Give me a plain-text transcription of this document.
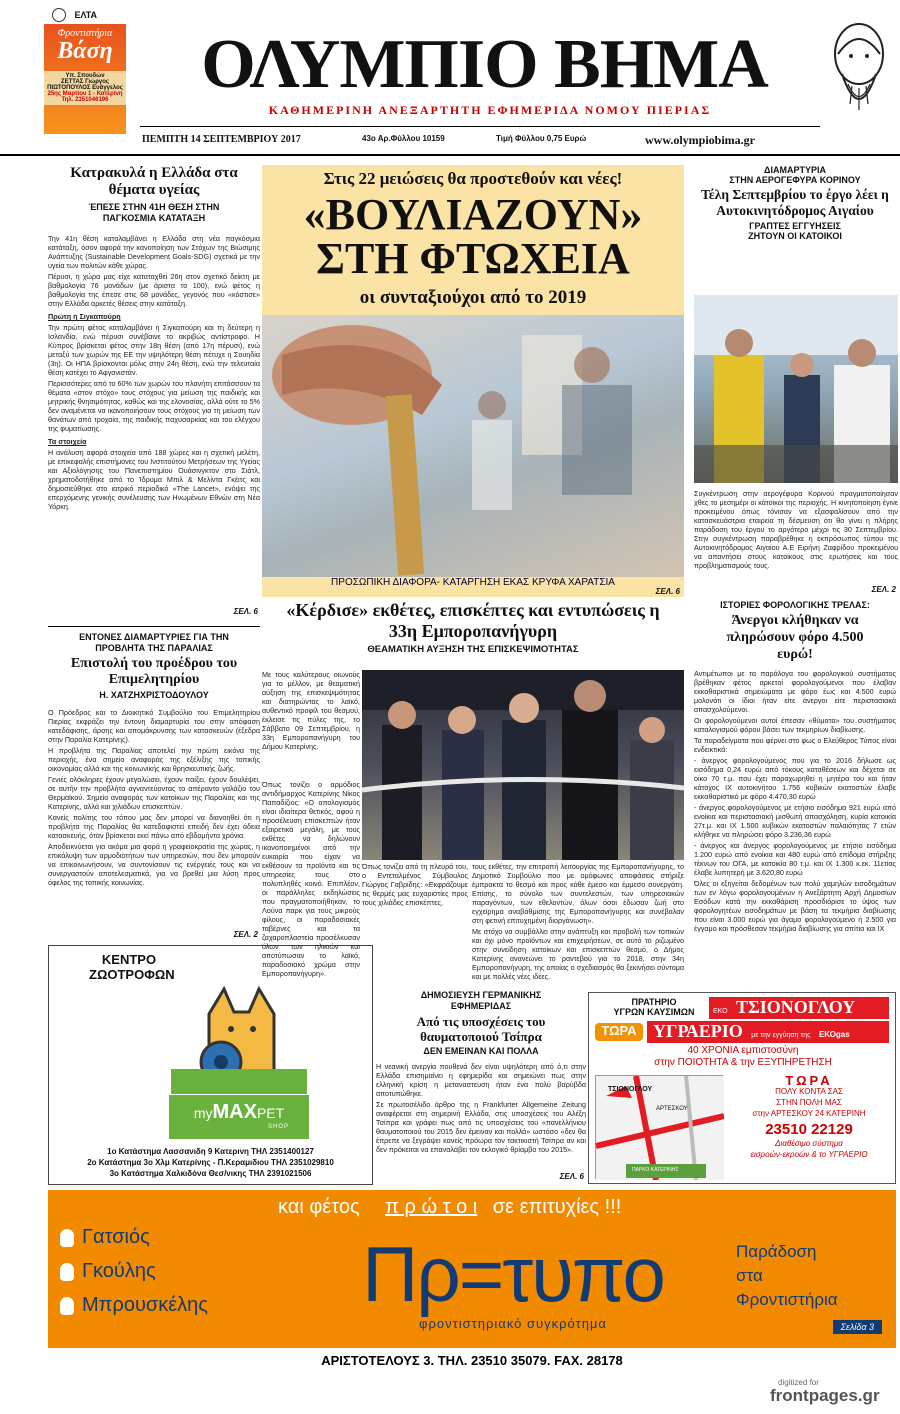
ΕΛΤΑ
Φροντιστήρια
Βάση
Υπ. Σπουδών
ΖΕΤΤΑΣ Γιώργος
ΠΙΩΤΟΠΟΥΛΟΣ Ευάγγελος
25ης Μαρτίου 1 - Κατερίνη
Τηλ. 2351046196	ΟΛΥΜΠΙΟ ΒΗΜΑ
ΚΑΘΗΜΕΡΙΝΗ ΑΝΕΞΑΡΤΗΤΗ ΕΦΗΜΕΡΙΔΑ ΝΟΜΟΥ ΠΙΕΡΙΑΣ
ΠΕΜΠΤΗ 14 ΣΕΠΤΕΜΒΡΙΟΥ 2017	43ο Αρ.Φύλλου 10159	Τιμή Φύλλου 0,75 Ευρώ	www.olympiobima.gr
Κατρακυλά η Ελλάδα στα θέματα υγείας
ΈΠΕΣΕ ΣΤΗΝ 41Η ΘΕΣΗ ΣΤΗΝ ΠΑΓΚΟΣΜΙΑ ΚΑΤΑΤΑΞΗ

Την 41η θέση καταλαμβάνει η Ελλάδα στη νέα παγκόσμια κατάταξη, όσον αφορά την κανοποίηση των Στόχων της Βιώσιμης Ανάπτυξης (Sustainable Development Goals-SDG) σχετικά με την υγεία των πολιτών κάθε χώρας.

Πέρυσι, η χώρα μας είχε καταταχθεί 26η στον σχετικό δείκτη με βαθμολογία 76 μονάδων (με άριστα το 100), ενώ φέτος η βαθμολογία της έπεσε στις 68 μονάδες, γεγονός που «κόστισε» στην Ελλάδα αρκετές θέσεις στην κατάταξη.

Πρώτη η Σιγκαπούρη

Την πρώτη φέτος καταλαμβάνει η Σιγκαπούρη και τη δεύτερη η Ισλανδία, ενώ πέρυσι συνέβαινε το ακριβώς αντίστροφο. Η Κύπρος βρίσκεται φέτος στην 18η θέση (από 17η πέρυσι), ενώ μεταξύ των χωρών της ΕΕ την υψηλότερη θέση πέτυχε η Σουηδία (3η). Οι ΗΠΑ βρίσκονται μόλις στην 24η θέση, ενώ την τελευταία θέση κατέχει το Αφγανιστάν.

Περισσότερες από το 60% των χωρών του πλανήτη επιτάσσουν τα θέματα «στον στόχο» τους στόχους για μείωση της παιδικής και μητρικής θνησιμότητας, καθώς και της ελονοσίας, αλλά ούτε το 5% δεν αναμένεται να ικανοποιήσουν τους στόχους για τη μείωση των θανάτων από τροχαία, της παιδικής παχυσαρκίας και του ελέγχου της φυματίωσης.

Τα στοιχεία

Η ανάλυση αφορά στοιχεία από 188 χώρες και η σχετική μελέτη, με επικεφαλής επιστήμονες του Ινστιτούτου Μετρήσεων της Υγείας και Αξιολόγησης του Πανεπιστημίου Ουάσινγκτον στο Σιάτλ, χρηματοδοτήθηκε από το Ίδρυμα Μπιλ & Μελίντα Γκέιτς και δημοσιεύθηκε στο ιατρικό περιοδικό «The Lancet», ενόψει της επερχόμενης γενικής συνέλευσης των Ηνωμένων Εθνών στη Νέα Υόρκη.

ΣΕΛ. 6
ΕΝΤΟΝΕΣ ΔΙΑΜΑΡΤΥΡΙΕΣ ΓΙΑ ΤΗΝ ΠΡΟΒΛΗΤΑ ΤΗΣ ΠΑΡΑΛΙΑΣ
Επιστολή του προέδρου του Επιμελητηρίου
Η. ΧΑΤΖΗΧΡΙΣΤΟΔΟΥΛΟΥ

Ο Πρόεδρος και το Διοικητικό Συμβούλιο του Επιμελητηρίου Πιερίας εκφράζει την έντονη διαμαρτυρία του στην απόφαση κατεδάφισης, άρσης και απομάκρυνσης των κατασκευών (έξεδρα στην Παραλία Κατερίνης).

Η προβλήτα της Παραλίας αποτελεί την πρώτη εικόνα της περιοχής, ένα σημείο αναφοράς της εξέλιξης της τοπικής οικονομίας αλλά και της κοινωνικής και θρησκευτικής ζωής.

Γενιές ολόκληρες έχουν μεγαλώσει, έχουν παίξει, έχουν δουλέψει, σε αυτήν την προβλήτα αγναντεύοντας το απέραντο γαλάζιο του Θερμαϊκού. Σημείο αναφοράς των κατοίκων της Παραλίας και της Κατερίνης, αλλά και χιλιάδων επισκεπτών.

Κανείς πολίτης του τόπου μας δεν μπορεί να διανοηθεί ότι η προβλήτα της Παραλίας θα κατεδαφιστεί επειδή δεν έχει άδεια κατασκευής, όταν βρίσκεται εκεί πάνω από εβδομήντα χρόνια.

Αποδεικνύεται για ακόμα μια φορά η γραφειοκρατία της χώρας, η επικάλυψη των αρμοδιοτήτων των υπηρεσιών, που δεν μπορούν να επικοινωνήσουν, να συντονίσουν τις ενέργειές τους και να συνεργαστούν αποτελεσματικά, για να βρεθεί μια λύση προς όφελος της τοπικής κοινωνίας.

ΣΕΛ. 2
ΚΕΝΤΡΟ ΖΩΟΤΡΟΦΩΝ
myMAXPET
SHOP
1ο Κατάστημα Λασσανιδη 9 Κατερινη ΤΗΛ 2351400127
2ο Κατάστημα 3ο Χλμ Κατερίνης - Π.Κεραμιδιου ΤΗΛ 2351029810
3ο Κατάστημα Χαλκιδόνα Θεσ/νικης ΤΗΛ 2391021506
Στις 22 μειώσεις θα προστεθούν και νέες!
«ΒΟΥΛΙΑΖΟΥΝ»
ΣΤΗ ΦΤΩΧΕΙΑ
οι συνταξιούχοι από το 2019
ΠΡΟΣΩΠΙΚΗ ΔΙΑΦΟΡΑ- ΚΑΤΑΡΓΗΣΗ ΕΚΑΣ ΚΡΥΦΑ ΧΑΡΑΤΣΙΑ
ΣΕΛ. 6
«Κέρδισε» εκθέτες, επισκέπτες και εντυπώσεις η 33η Εμποροπανήγυρη
ΘΕΑΜΑΤΙΚΗ ΑΥΞΗΣΗ ΤΗΣ ΕΠΙΣΚΕΨΙΜΟΤΗΤΑΣ

Με τους καλύτερους οιωνούς για το μέλλον, με θεαματική αύξηση της επισκεψιμότητας και διατηρώντας το λαϊκό, αυθεντικό προφίλ του θεσμού, έκλεισε τις πύλες της, το Σάββατο 09 Σεπτεμβρίου, η 33η Εμποροπανήγυρη του Δήμου Κατερίνης.

Όπως τονίζει ο αρμόδιος αντιδήμαρχος Κατερίνης Νίκος Παπαδίζιος: «Ο απολογισμός είναι ιδιαίτερα θετικός, αφού η προσέλευση επισκεπτών ήταν εξαιρετικά μεγάλη, με τους εκθέτες να δηλώνουν ικανοποιημένοι από την ευκαιρία που είχαν να εκθέσουν τα προϊόντα και τις υπηρεσίες τους στο πολυπληθές κοινό. Επιπλέον, οι παράλληλες εκδηλώσεις που πραγματοποιήθηκαν, το Λούνα παρκ για τους μικρούς φίλους, οι παραδοσιακές ταβέρνες και τα ζαχαροπλαστεία προσέλκυσαν όλων των ηλικιών και αποτύπωσαν το λαϊκό, παραδοσιακό χρώμα στην Εμποροπανήγυρη».

Όπως τονίζει από τη πλευρά του, ο Εντεταλμένος Σύμβουλος Γιώργος Γαβρίδης: «Εκφράζουμε τις θερμές μας ευχαριστίες προς τους χιλιάδες επισκέπτες,

τους εκθέτες, την επιτροπή λειτουργίας της Εμποροπανήγυρης, το Δημοτικό Συμβούλιο που με ομόφωνες αποφάσεις στήριξε έμπρακτα το θεσμό και προς κάθε έμεσο και έμμεσο συνεργάτη. Επίσης, το σύνολο των συντελεστών, των υπηρεσιακών παραγόντων, των εθελοντών, όλων όσοι έδωσαν ζωή στο εγχείρημα αναβάθμισης της Εμποροπανήγυρης και συνέβαλαν στη φετινή επιτυχημένη διοργάνωση».

Με στόχο να συμβάλλει στην ανάπτυξη και προβολή των τοπικών και όχι μόνο προϊόντων και επιχειρήσεων, σε αυτό το ριζωμένο στην συνείδηση κατοίκων και επισκεπτών θεσμό, ο Δήμος Κατερίνης ανανεώνει το ραντεβού για το 2018, στην 34η Εμποροπανήγυρη, της οποίας ο σχεδιασμός θα ξεκινήσει σύντομα και με πολλές νέες ιδέες.

ΔΗΜΟΣΙΕΥΣΗ ΓΕΡΜΑΝΙΚΗΣ ΕΦΗΜΕΡΙΔΑΣ
Από τις υποσχέσεις του θαυματοποιού Τσίπρα
ΔΕΝ ΕΜΕΙΝΑΝ ΚΑΙ ΠΟΛΛΑ

Η νεανική ανεργία πουθενά δεν είναι υψηλότερη από ό,τι στην Ελλάδα επισημαίνει η εφημερίδα και σημειώνει πως στην ελληνική κρίση η μεταναστευση ήταν ένα πολύ βαρύβδα αποτυπώθηκε.

Σε πρωτοσέλιδο άρθρο της η Frankfurter Allgemeine Zeitung αναφέρεται στη σημερινή Ελλάδα, στις υποσχέσεις του Αλέξη Τσίπρα και γράφει πως από τις υποσχέσεις του «πανελλήνιου θαυματοποιού του 2015 δεν έμειναν και πολλά» ωστόσο «δεν θα έπρεπε να ξεγράψει κανείς πρόωρα τον τακτικιστή Τσίπρα αν και δεν πρόκειται να επαναλάβει τον εκλογικό θρίαμβο του 2015».

ΣΕΛ. 6
ΔΙΑΜΑΡΤΥΡΙΑ
ΣΤΗΝ ΑΕΡΟΓΕΦΥΡΑ ΚΟΡΙΝΟΥ
Τέλη Σεπτεμβρίου το έργο λέει η Αυτοκινητόδρομος Αιγαίου
ΓΡΑΠΤΕΣ ΕΓΓΥΗΣΕΙΣ
ΖΗΤΟΥΝ ΟΙ ΚΑΤΟΙΚΟΙ
Συγκέντρωση στην αερογέφυρα Κορινού πραγματοποίησαν χθες το μεσημέρι οι κάτοικοι της περιοχής. Η κινητοποίηση έγινε προκειμένου όπως τόνισαν να εξασφαλίσουν από την κατασκευάστρια εταιρεία τη δέσμευση ότι θα γίνει η πλήρης παράδοση του έργου το αργότερο μέχρι τις 30 Σεπτεμβρίου. Στην συγκέντρωση παραβρέθηκε η εκπρόσωπος τύπου της Αυτοκινητόδρομος Αιγαίου Α.Ε Ειρήνη Ζαφρίδου προκειμένου να απαντήσει στους κατοίκους στις ερωτήσεις και τους προβληματισμούς τους.
ΣΕΛ. 2
ΙΣΤΟΡΙΕΣ ΦΟΡΟΛΟΓΙΚΗΣ ΤΡΕΛΑΣ:
Άνεργοι κλήθηκαν να πληρώσουν φόρο 4.500 ευρώ!

Αντιμέτωποι με τα παράλογα του φορολογικού συστήματος βρέθηκαν φέτος αρκετοί φορολογούμενοι που έλαβαν εκκαθαριστικά σημειώματα με φόρο έως και 4.500 ευρώ μολονότι οι ίδιοι ήταν είτε άνεργοι είτε περιστασιακά απασχολούμενοι.

Οι φορολογούμενοι αυτοί έπεσαν «θύματα» του συστήματος καταλογισμού φόρου βάσει των τεκμηρίων διαβίωσης.

Τα παραδείγματα που φέρνει στο φως ο Ελεύθερος Τύπος είναι ενδεικτικά:

- άνεργος φορολογούμενος που για το 2016 δήλωσε ως εισόδημα 0,24 ευρώ από τόκους καταθέσεων και δέχεται σε οίκο 70 τ.μ. που έχει παραχωρηθεί η μητέρα του και ήταν κάτοχος ΙΧ αυτοκινήτου 1.756 κυβικών εκατοστών έλαβε εκκαθαριστικό με φόρο 4.470,30 ευρώ

- άνεργος φορολογούμενος με ετήσιο εισόδημα 921 ευρώ από ενοίκια και περιστασιακή μισθωτή απασχόληση, κυρία κατοικία 27τ.μ. και ΙΧ 1.500 κυβικών εκατοστών παλαιότητας 7 ετών κλήθηκε να πληρώσει φόρο 3.236,36 ευρώ

- άνεργος και άνεργος φορολογούμενος με ετήσιο εισόδημα 1.200 ευρώ από ενοίκια και 480 ευρώ από επίδομα στήριξης τέκνων του ΟΓΑ, με κατοικία 80 τ.μ. και ΙΧ 1.300 κ.εκ. 11ετίας έλαβε λυπητερή με 3.620,80 ευρώ

Όλες οι εξηγείται δεδομένων των πολύ χαμηλών εισοδημάτων των εν λόγω φορολογουμένων η Ανεξάρτητη Αρχή Δημοσίων Εσόδων κατά την εκκαθάριση προσδιόρισε το ύψος των φορολογητέων εισοδημάτων με βάση τα τεκμήρια διαβίωσης που είναι 3.000 ευρώ για άγαμο φορολογούμενο ή 2.500 για έγγαμο και πρόσθεσαν τεκμήρια διαβίωσης για σπίτια και ΙΧ

ΠΡΑΤΗΡΙΟ
ΥΓΡΩΝ ΚΑΥΣΙΜΩΝ	ΕΚΟ ΤΣΙΟΝΟΓΛΟΥ
ΤΩΡΑ ΥΓΡΑΕΡΙΟ με την εγγύηση της ΕΚΟgas
40 ΧΡΟΝΙΑ εμπιστοσύνη
στην ΠΟΙΟΤΗΤΑ & την ΕΞΥΠΗΡΕΤΗΣΗ
ΤΣΙΟΝΟΓΛΟΥ
ΑΡΤΕΣΚΟΥ
ΠΑΡΚΟ ΚΑΤΕΡΙΝΗΣ
ΤΩΡΑ
ΠΟΛΥ ΚΟΝΤΑ ΣΑΣ
ΣΤΗΝ ΠΟΛΗ ΜΑΣ
στην ΑΡΤΕΣΚΟΥ 24 ΚΑΤΕΡΙΝΗ
23510 22129
Διαθέσιμο σύστημα
εισροών-εκροών & το ΥΓΡΑΕΡΙΟ
και φέτος π ρ ώ τ ο ι σε επιτυχίες !!!
Γατσιός
Γκούλης
Μπρουσκέλης	Πρ=τυπο
φροντιστηριακό συγκρότημα
Παράδοση
στα
Φροντιστήρια
Σελίδα 3
ΑΡΙΣΤΟΤΕΛΟΥΣ 3. ΤΗΛ. 23510 35079. FAX. 28178
digitized for
frontpages.gr
